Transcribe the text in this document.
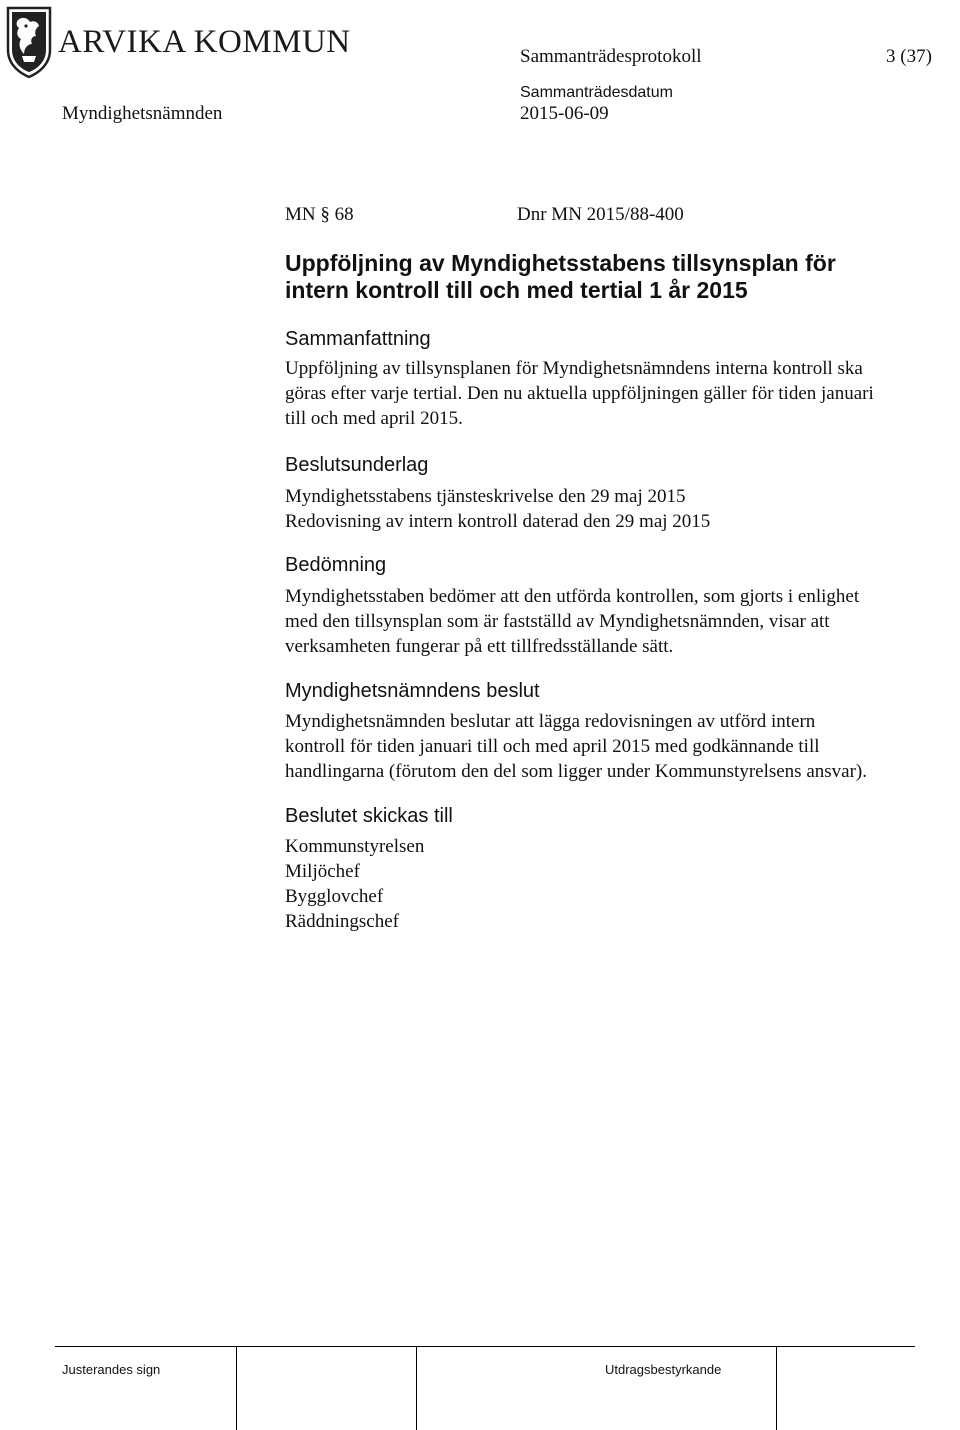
ARVIKA KOMMUN	Sammanträdesprotokoll	3 (37)
Myndighetsnämnden
Sammanträdesdatum
2015-06-09
MN § 68	Dnr MN 2015/88-400
Uppföljning av Myndighetsstabens tillsynsplan för
intern kontroll till och med tertial 1 år 2015
Sammanfattning
Uppföljning av tillsynsplanen för Myndighetsnämndens interna kontroll ska
göras efter varje tertial. Den nu aktuella uppföljningen gäller för tiden januari
till och med april 2015.
Beslutsunderlag
Myndighetsstabens tjänsteskrivelse den 29 maj 2015
Redovisning av intern kontroll daterad den 29 maj 2015
Bedömning
Myndighetsstaben bedömer att den utförda kontrollen, som gjorts i enlighet
med den tillsynsplan som är fastställd av Myndighetsnämnden, visar att
verksamheten fungerar på ett tillfredsställande sätt.
Myndighetsnämndens beslut
Myndighetsnämnden beslutar att lägga redovisningen av utförd intern
kontroll för tiden januari till och med april 2015 med godkännande till
handlingarna (förutom den del som ligger under Kommunstyrelsens ansvar).
Beslutet skickas till
Kommunstyrelsen
Miljöchef
Bygglovchef
Räddningschef
Justerandes sign	Utdragsbestyrkande
